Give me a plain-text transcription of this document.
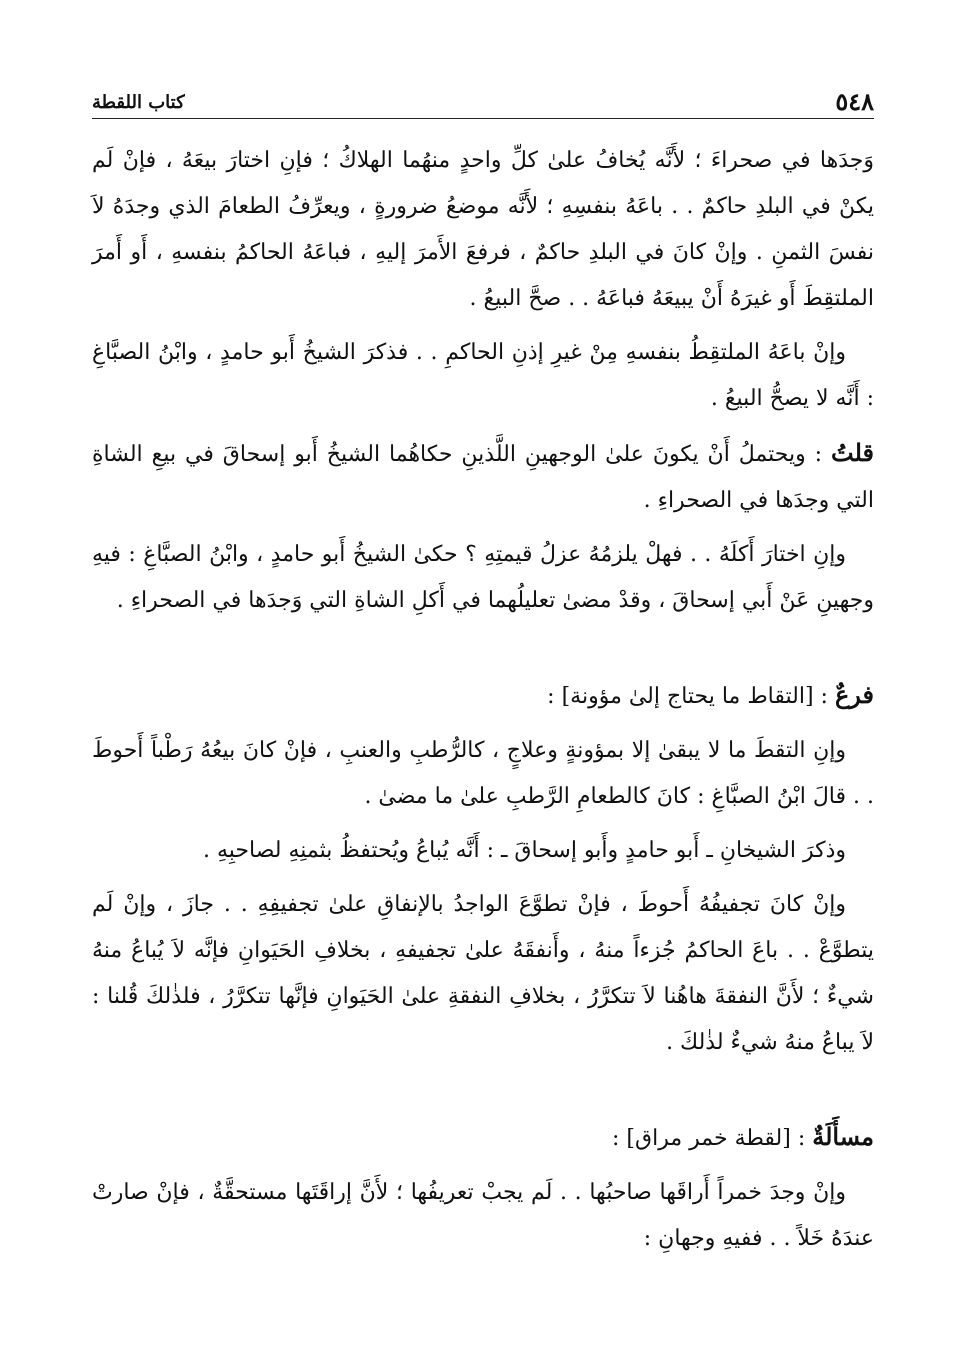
٥٤٨
كتاب اللقطة

وَجدَها في صحراءَ ؛ لأَنَّه يُخافُ علىٰ كلِّ واحدٍ منهُما الهلاكُ ؛ فإنِ اختارَ بيعَهُ ، فإنْ لَم يكنْ في البلدِ حاكمٌ . . باعَهُ بنفسِهِ ؛ لأَنَّه موضعُ ضرورةٍ ، ويعرِّفُ الطعامَ الذي وجدَهُ لاَ نفسَ الثمنِ . وإنْ كانَ في البلدِ حاكمٌ ، فرفعَ الأَمرَ إليهِ ، فباعَهُ الحاكمُ بنفسهِ ، أَو أَمرَ الملتقِطَ أَو غيرَهُ أَنْ يبيعَهُ فباعَهُ . . صحَّ البيعُ .

وإنْ باعَهُ الملتقِطُ بنفسهِ مِنْ غيرِ إذنِ الحاكمِ . . فذكرَ الشيخُ أَبو حامدٍ ، وابْنُ الصبَّاغِ : أَنَّه لا يصحُّ البيعُ .

قلتُ : ويحتملُ أَنْ يكونَ علىٰ الوجهينِ اللَّذينِ حكاهُما الشيخُ أَبو إسحاقَ في بيعِ الشاةِ التي وجدَها في الصحراءِ .

وإنِ اختارَ أَكلَهُ . . فهلْ يلزمُهُ عزلُ قيمتِهِ ؟ حكىٰ الشيخُ أَبو حامدٍ ، وابْنُ الصبَّاغِ : فيهِ وجهينِ عَنْ أَبي إسحاقَ ، وقدْ مضىٰ تعليلُهما في أَكلِ الشاةِ التي وَجدَها في الصحراءِ .

فرعٌ : [التقاط ما يحتاج إلىٰ مؤونة] :

وإنِ التقطَ ما لا يبقىٰ إلا بمؤونةٍ وعلاجٍ ، كالرُّطبِ والعنبِ ، فإنْ كانَ بيعُهُ رَطْباً أَحوطَ . . قالَ ابْنُ الصبَّاغِ : كانَ كالطعامِ الرَّطبِ علىٰ ما مضىٰ .

وذكرَ الشيخانِ ـ أَبو حامدٍ وأَبو إسحاقَ ـ : أَنَّه يُباعُ ويُحتفظُ بثمنِهِ لصاحبِهِ .

وإنْ كانَ تجفيفُهُ أَحوطَ ، فإنْ تطوَّعَ الواجدُ بالإنفاقِ علىٰ تجفيفِهِ . . جازَ ، وإنْ لَم يتطوَّعْ . . باعَ الحاكمُ جُزءاً منهُ ، وأَنفقَهُ علىٰ تجفيفهِ ، بخلافِ الحَيَوانِ فإنَّه لاَ يُباعُ منهُ شيءٌ ؛ لأَنَّ النفقةَ هاهُنا لاَ تتكرَّرُ ، بخلافِ النفقةِ علىٰ الحَيَوانِ فإنَّها تتكرَّرُ ، فلذٰلكَ قُلنا : لاَ يباعُ منهُ شيءٌ لذٰلكَ .

مسأَلَةٌ : [لقطة خمر مراق] :

وإنْ وجدَ خمراً أَراقَها صاحبُها . . لَم يجبْ تعريفُها ؛ لأَنَّ إراقَتَها مستحقَّةٌ ، فإنْ صارتْ عندَهُ خَلاً . . ففيهِ وجهانِ :
